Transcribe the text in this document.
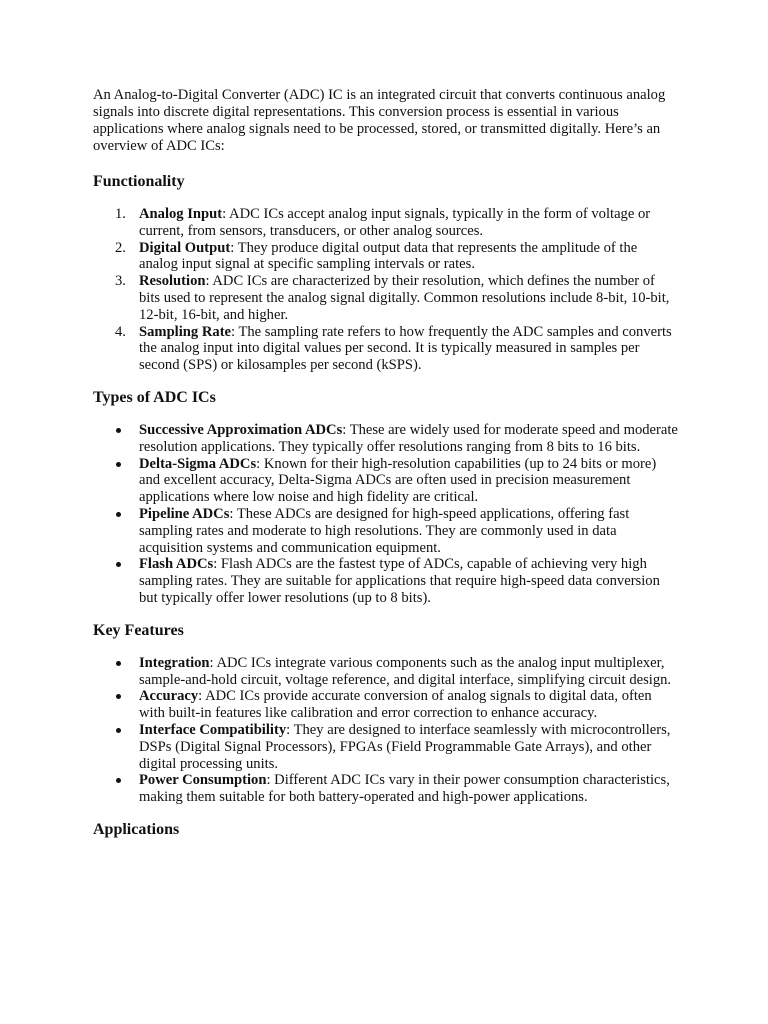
An Analog-to-Digital Converter (ADC) IC is an integrated circuit that converts continuous analog signals into discrete digital representations. This conversion process is essential in various applications where analog signals need to be processed, stored, or transmitted digitally. Here’s an overview of ADC ICs:

Functionality
1. Analog Input: ADC ICs accept analog input signals, typically in the form of voltage or current, from sensors, transducers, or other analog sources.
2. Digital Output: They produce digital output data that represents the amplitude of the analog input signal at specific sampling intervals or rates.
3. Resolution: ADC ICs are characterized by their resolution, which defines the number of bits used to represent the analog signal digitally. Common resolutions include 8-bit, 10-bit, 12-bit, 16-bit, and higher.
4. Sampling Rate: The sampling rate refers to how frequently the ADC samples and converts the analog input into digital values per second. It is typically measured in samples per second (SPS) or kilosamples per second (kSPS).
Types of ADC ICs
Successive Approximation ADCs: These are widely used for moderate speed and moderate resolution applications. They typically offer resolutions ranging from 8 bits to 16 bits.
Delta-Sigma ADCs: Known for their high-resolution capabilities (up to 24 bits or more) and excellent accuracy, Delta-Sigma ADCs are often used in precision measurement applications where low noise and high fidelity are critical.
Pipeline ADCs: These ADCs are designed for high-speed applications, offering fast sampling rates and moderate to high resolutions. They are commonly used in data acquisition systems and communication equipment.
Flash ADCs: Flash ADCs are the fastest type of ADCs, capable of achieving very high sampling rates. They are suitable for applications that require high-speed data conversion but typically offer lower resolutions (up to 8 bits).
Key Features
Integration: ADC ICs integrate various components such as the analog input multiplexer, sample-and-hold circuit, voltage reference, and digital interface, simplifying circuit design.
Accuracy: ADC ICs provide accurate conversion of analog signals to digital data, often with built-in features like calibration and error correction to enhance accuracy.
Interface Compatibility: They are designed to interface seamlessly with microcontrollers, DSPs (Digital Signal Processors), FPGAs (Field Programmable Gate Arrays), and other digital processing units.
Power Consumption: Different ADC ICs vary in their power consumption characteristics, making them suitable for both battery-operated and high-power applications.
Applications
